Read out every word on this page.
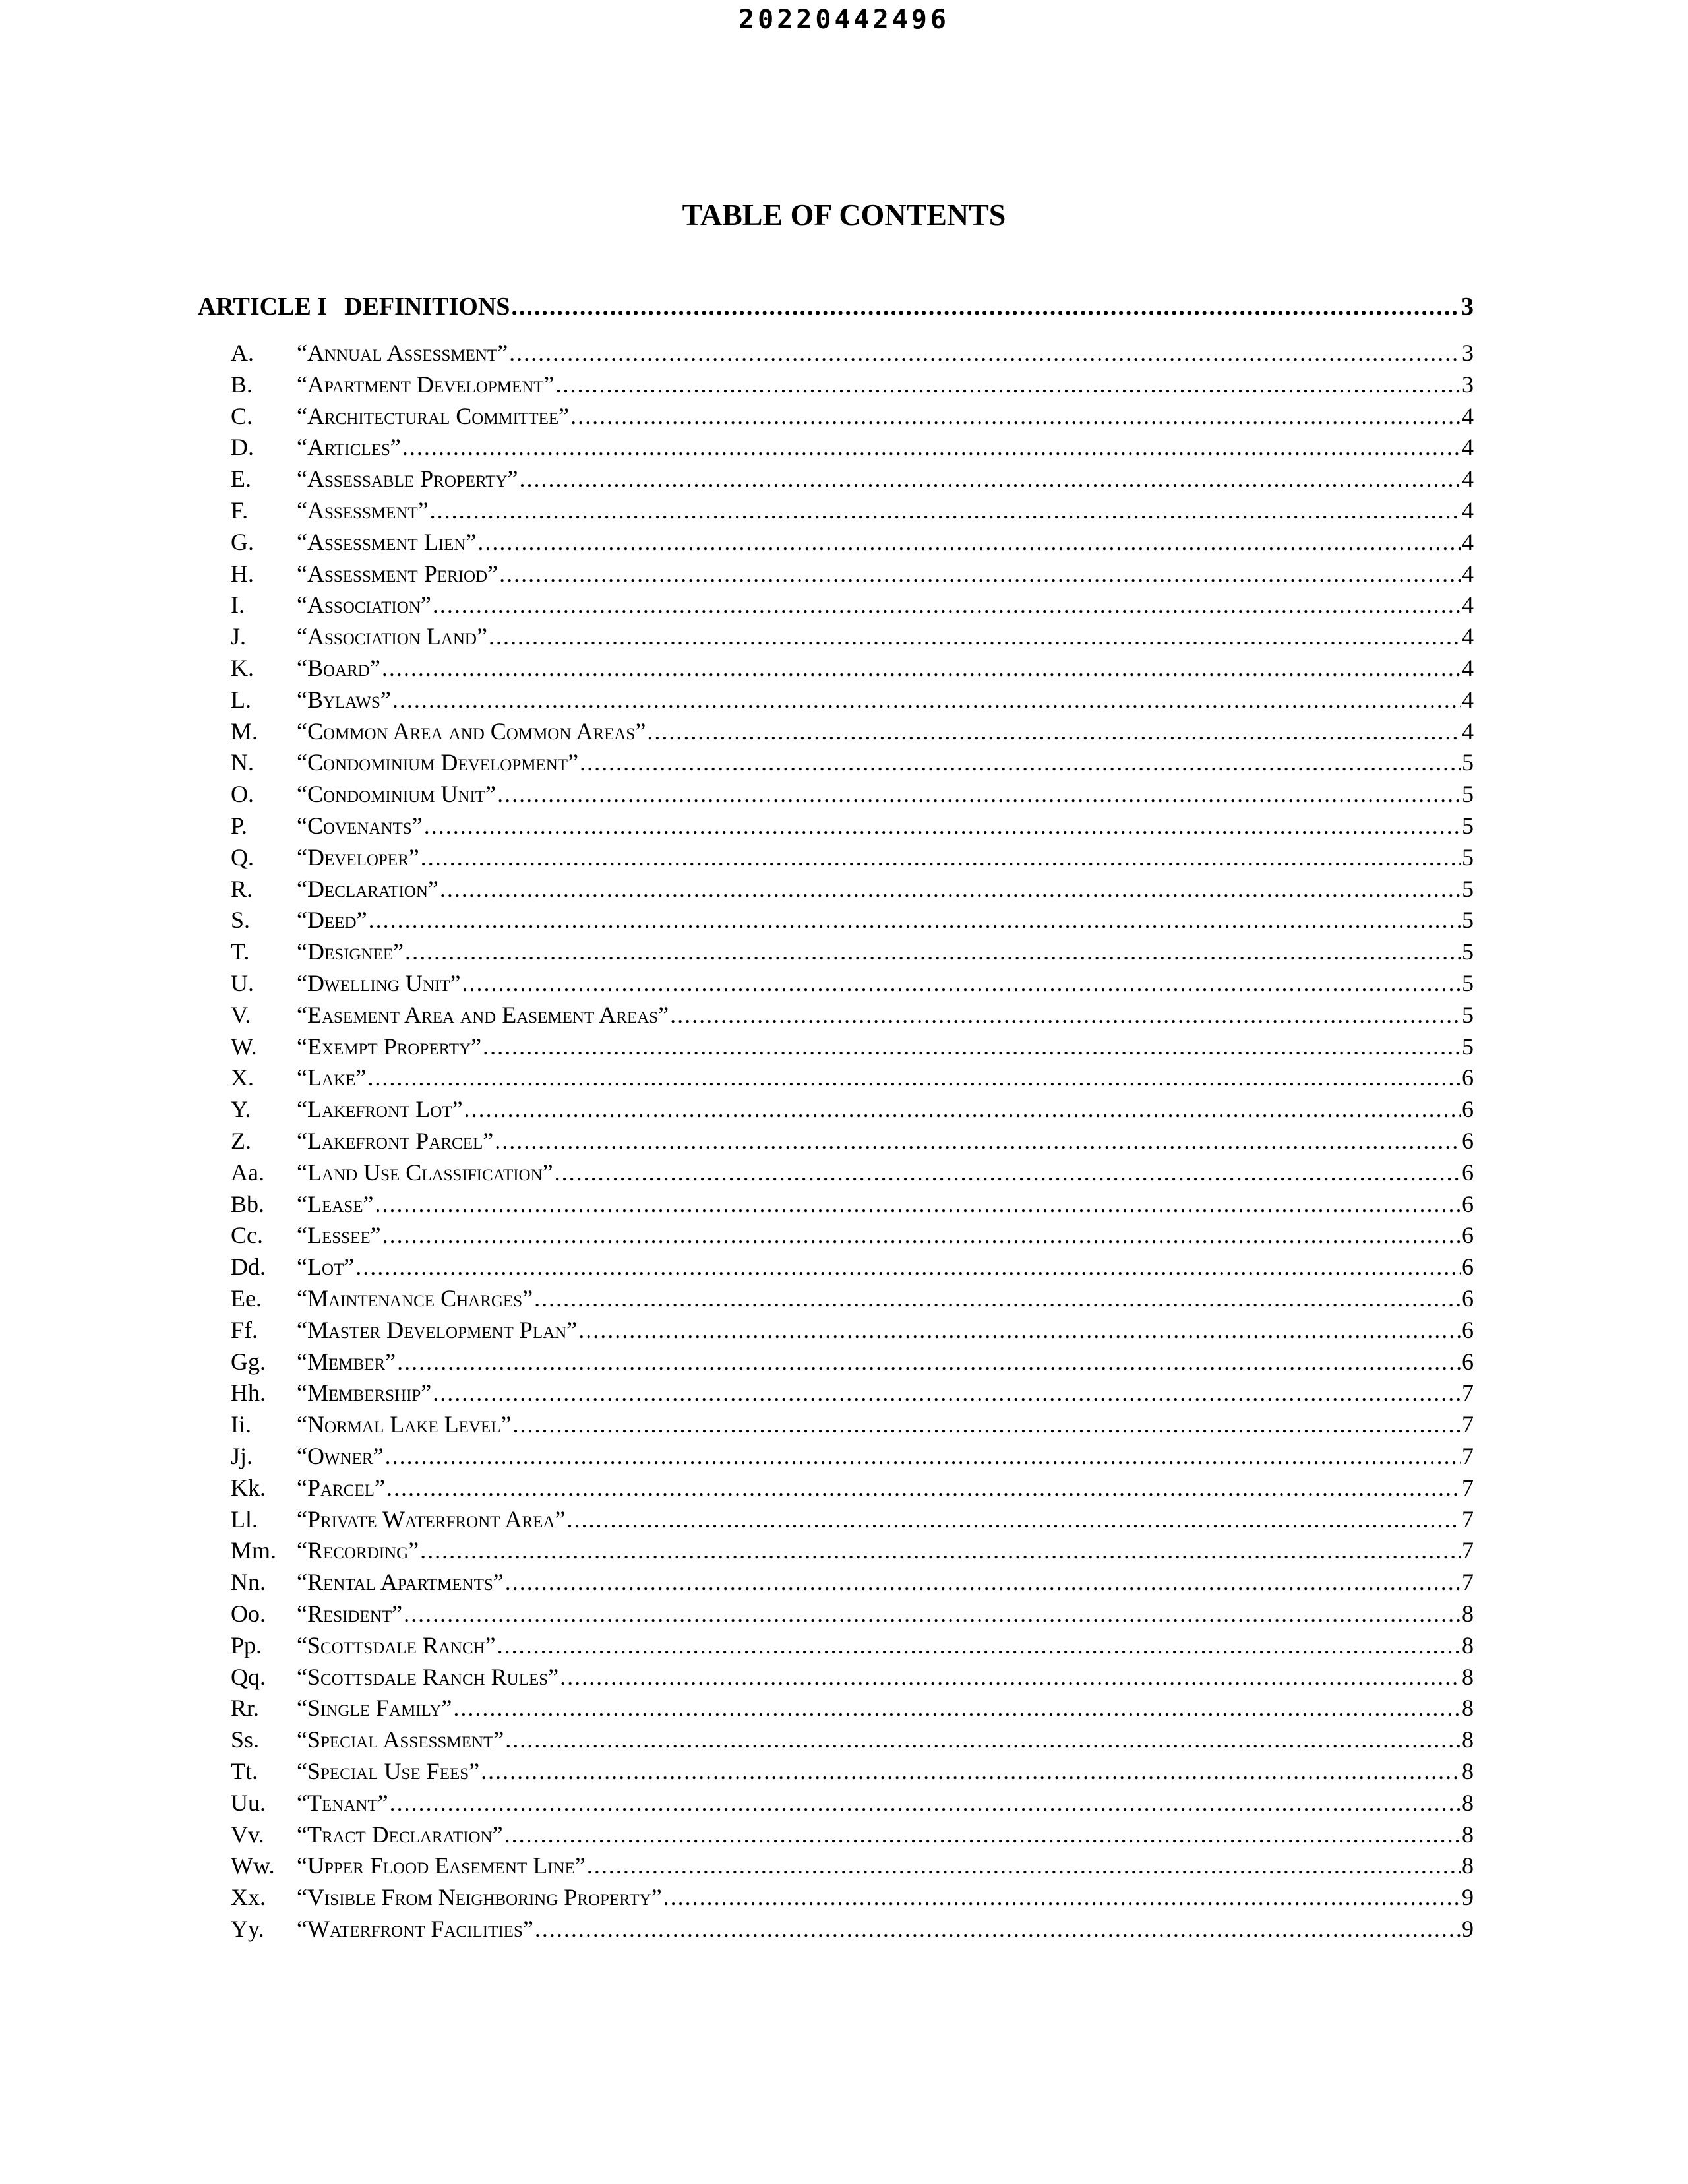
20220442496
TABLE OF CONTENTS
ARTICLE I DEFINITIONS .....	3
A.	“Annual Assessment” .....	3
B.	“Apartment Development” .....	3
C.	“Architectural Committee” .....	4
D.	“Articles” .....	4
E.	“Assessable Property” .....	4
F.	“Assessment” .....	4
G.	“Assessment Lien” .....	4
H.	“Assessment Period” .....	4
I.	“Association” .....	4
J.	“Association Land” .....	4
K.	“Board” .....	4
L.	“Bylaws” .....	4
M.	“Common Area and Common Areas” .....	4
N.	“Condominium Development” .....	5
O.	“Condominium Unit” .....	5
P.	“Covenants” .....	5
Q.	“Developer” .....	5
R.	“Declaration” .....	5
S.	“Deed” .....	5
T.	“Designee” .....	5
U.	“Dwelling Unit” .....	5
V.	“Easement Area and Easement Areas” .....	5
W.	“Exempt Property” .....	5
X.	“Lake” .....	6
Y.	“Lakefront Lot” .....	6
Z.	“Lakefront Parcel” .....	6
Aa.	“Land Use Classification” .....	6
Bb.	“Lease” .....	6
Cc.	“Lessee” .....	6
Dd.	“Lot” .....	6
Ee.	“Maintenance Charges” .....	6
Ff.	“Master Development Plan” .....	6
Gg.	“Member” .....	6
Hh.	“Membership” .....	7
Ii.	“Normal Lake Level” .....	7
Jj.	“Owner” .....	7
Kk.	“Parcel” .....	7
Ll.	“Private Waterfront Area” .....	7
Mm. “Recording” .....	7
Nn.	“Rental Apartments” .....	7
Oo.	“Resident” .....	8
Pp.	“Scottsdale Ranch” .....	8
Qq.	“Scottsdale Ranch Rules” .....	8
Rr.	“Single Family” .....	8
Ss.	“Special Assessment” .....	8
Tt.	“Special Use Fees” .....	8
Uu.	“Tenant” .....	8
Vv.	“Tract Declaration” .....	8
Ww. “Upper Flood Easement Line” .....	8
Xx.	“Visible From Neighboring Property” .....	9
Yy.	“Waterfront Facilities” .....	9
